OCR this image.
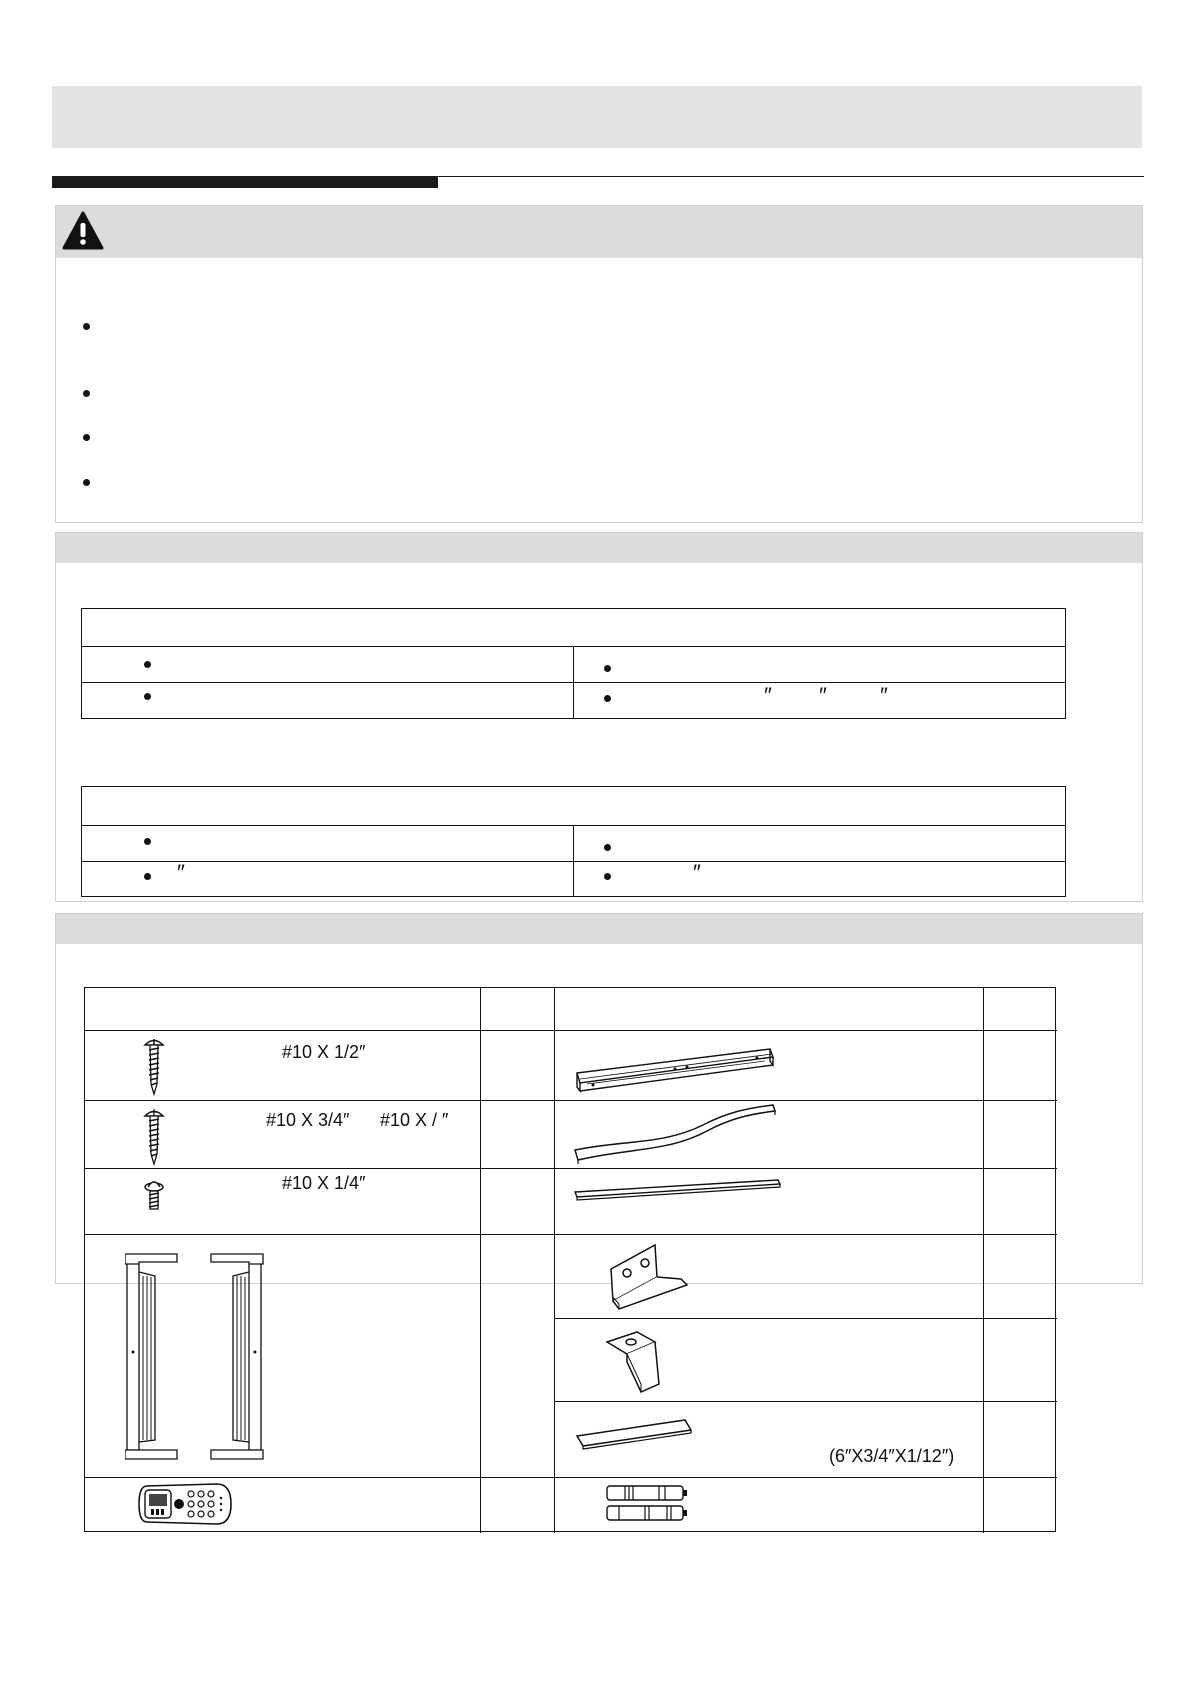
″ ″ ″
″	″
#10 X 1/2″
#10 X 3/4″ #10 X / ″
#10 X 1/4″
(6″X3/4″X1/12″)
